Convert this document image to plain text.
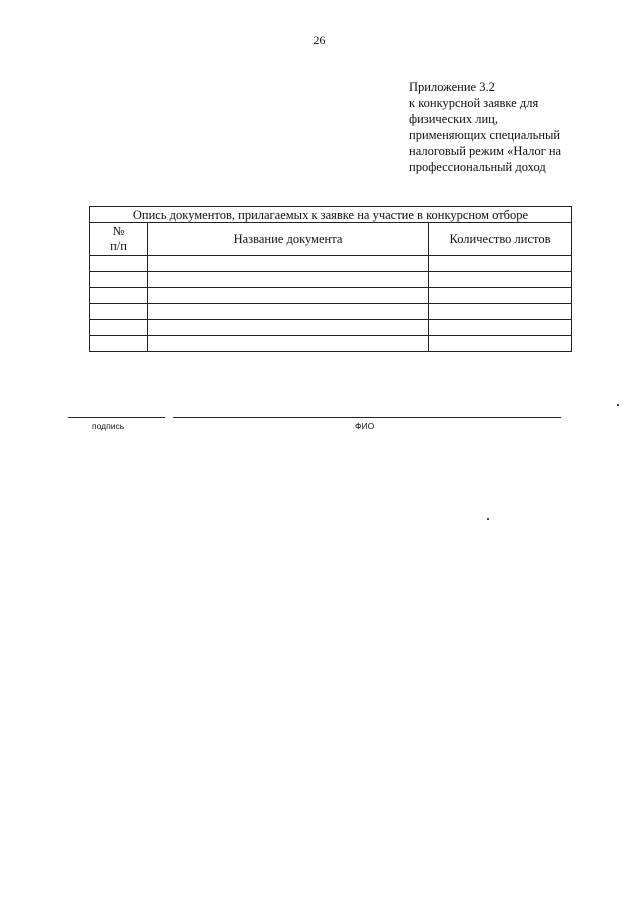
26
Приложение 3.2
к конкурсной заявке для
физических лиц,
применяющих специальный
налоговый режим «Налог на
профессиональный доход
Опись документов, прилагаемых к заявке на участие в конкурсном отборе		

№
п/п	Название документа	Количество листов

подпись	ФИО
